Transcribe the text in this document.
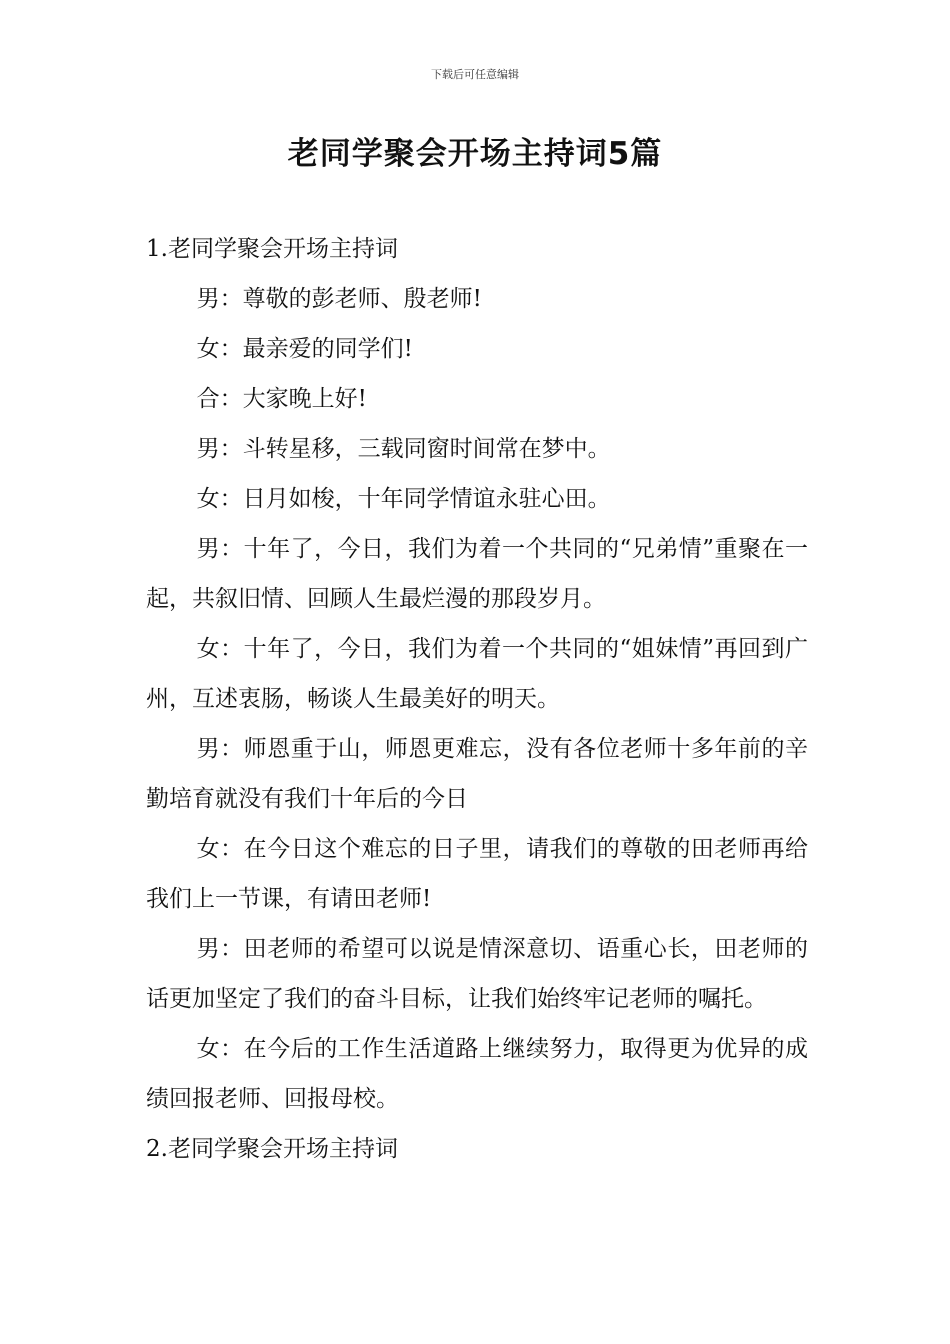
下载后可任意编辑
老同学聚会开场主持词5篇
1.老同学聚会开场主持词

男：尊敬的彭老师、殷老师!

女：最亲爱的同学们!

合：大家晚上好!

男：斗转星移，三载同窗时间常在梦中。

女：日月如梭，十年同学情谊永驻心田。

男：十年了，今日，我们为着一个共同的“兄弟情”重聚在一起，共叙旧情、回顾人生最烂漫的那段岁月。

女：十年了，今日，我们为着一个共同的“姐妹情”再回到广州，互述衷肠，畅谈人生最美好的明天。

男：师恩重于山，师恩更难忘，没有各位老师十多年前的辛勤培育就没有我们十年后的今日

女：在今日这个难忘的日子里，请我们的尊敬的田老师再给我们上一节课，有请田老师!

男：田老师的希望可以说是情深意切、语重心长，田老师的话更加坚定了我们的奋斗目标，让我们始终牢记老师的嘱托。

女：在今后的工作生活道路上继续努力，取得更为优异的成绩回报老师、回报母校。

2.老同学聚会开场主持词
